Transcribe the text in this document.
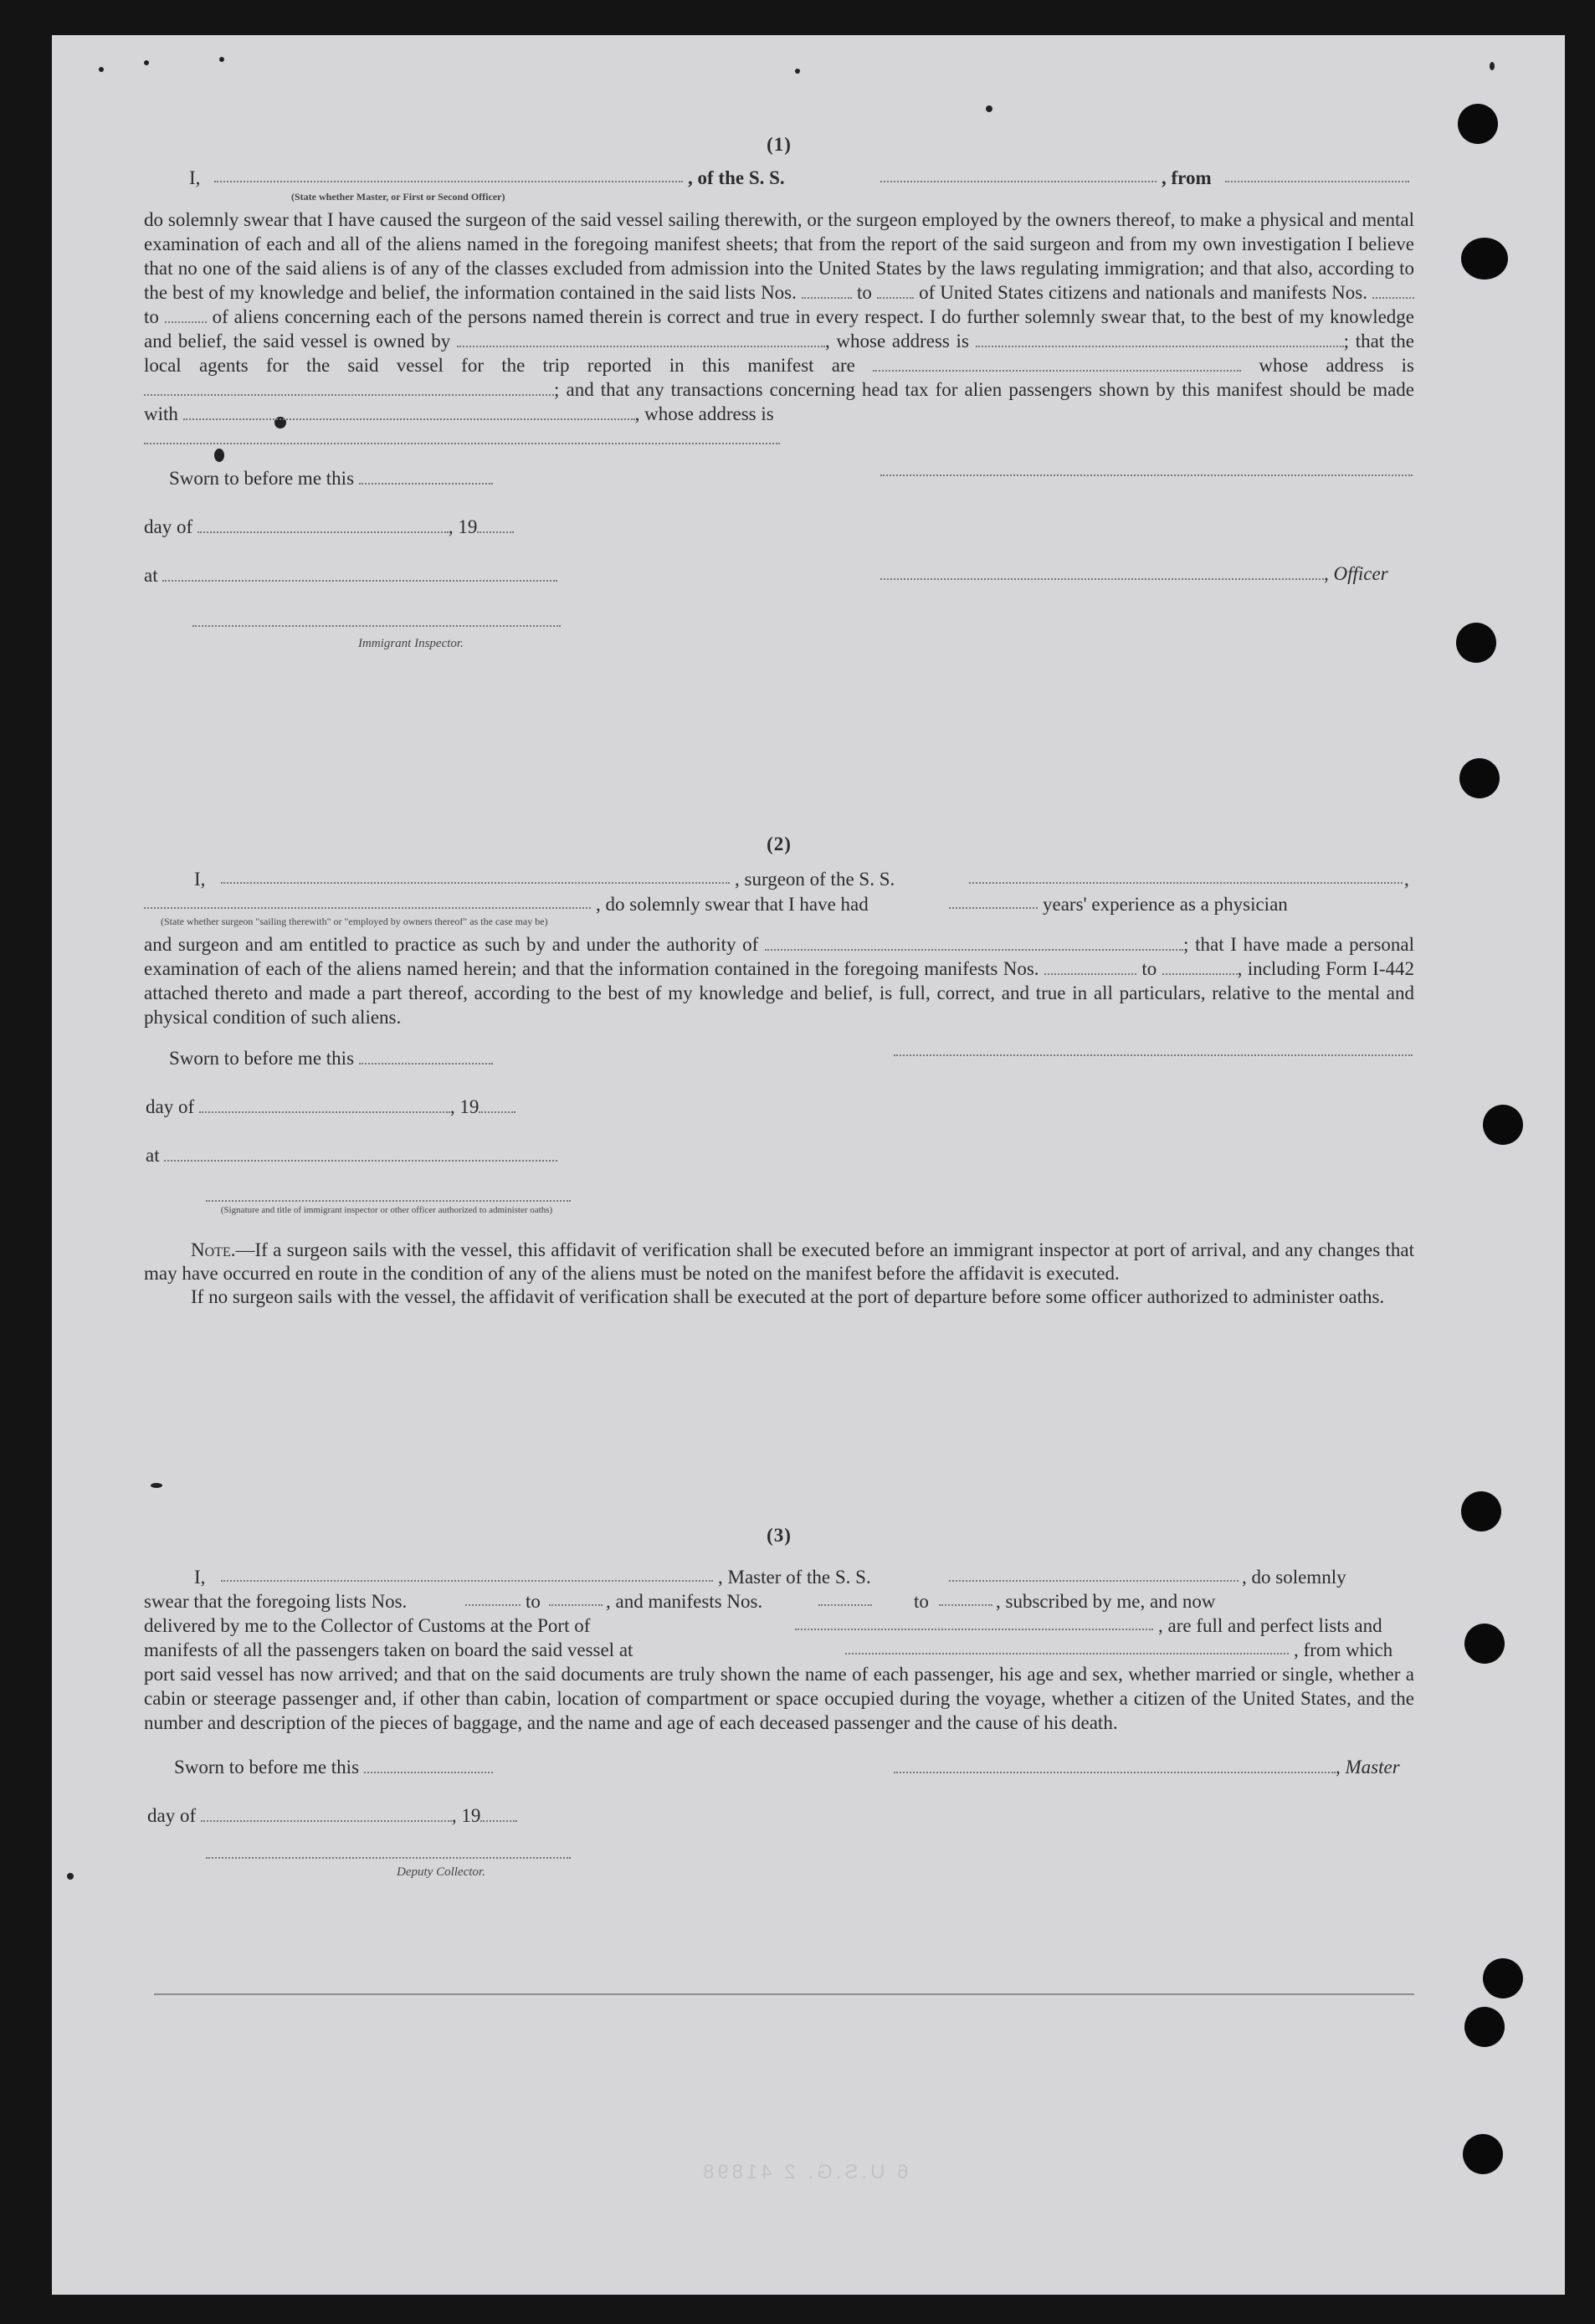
(1)
I,	, of the S. S.	, from
(State whether Master, or First or Second Officer)

do solemnly swear that I have caused the surgeon of the said vessel sailing therewith, or the surgeon employed by the owners thereof, to make a physical and mental examination of each and all of the aliens named in the foregoing manifest sheets; that from the report of the said surgeon and from my own investigation I believe that no one of the said aliens is of any of the classes excluded from admission into the United States by the laws regulating immigration; and that also, according to the best of my knowledge and belief, the information contained in the said lists Nos.	to of United States citizens and nationals and manifests Nos.  to	of aliens concerning each of the persons named therein is correct and true in every respect. I do further solemnly swear that, to the best of my knowledge and belief, the said vessel is owned by	, whose address is	; that the local agents for the said vessel for the trip reported in this manifest are	whose address is ; and that any transactions concerning head tax for alien passengers shown by this manifest should be made with	, whose address is

Sworn to before me this
day of	, 19
at
Immigrant Inspector.
, Officer
(2)
I,	, surgeon of the S. S.	,
, do solemnly swear that I have had	years' experience as a physician
(State whether surgeon "sailing therewith" or "employed by owners thereof" as the case may be)

and surgeon and am entitled to practice as such by and under the authority of	; that I have made a personal examination of each of the aliens named herein; and that the information contained in the foregoing manifests Nos.	to	, including Form I-442 attached thereto and made a part thereof, according to the best of my knowledge and belief, is full, correct, and true in all particulars, relative to the mental and physical condition of such aliens.

Sworn to before me this
day of	, 19
at
(Signature and title of immigrant inspector or other officer authorized to administer oaths)

Note.—If a surgeon sails with the vessel, this affidavit of verification shall be executed before an immigrant inspector at port of arrival, and any changes that may have occurred en route in the condition of any of the aliens must be noted on the manifest before the affidavit is executed.

If no surgeon sails with the vessel, the affidavit of verification shall be executed at the port of departure before some officer authorized to administer oaths.

(3)
I,	, Master of the S. S.	, do solemnly
swear that the foregoing lists Nos.	to	, and manifests Nos.	to	, subscribed by me, and now
delivered by me to the Collector of Customs at the Port of	, are full and perfect lists and
manifests of all the passengers taken on board the said vessel at	, from which

port said vessel has now arrived; and that on the said documents are truly shown the name of each passenger, his age and sex, whether married or single, whether a cabin or steerage passenger and, if other than cabin, location of compartment or space occupied during the voyage, whether a citizen of the United States, and the number and description of the pieces of baggage, and the name and age of each deceased passenger and the cause of his death.

Sworn to before me this	, Master
day of	, 19
Deputy Collector.
6 U.S.G. 2 41898
